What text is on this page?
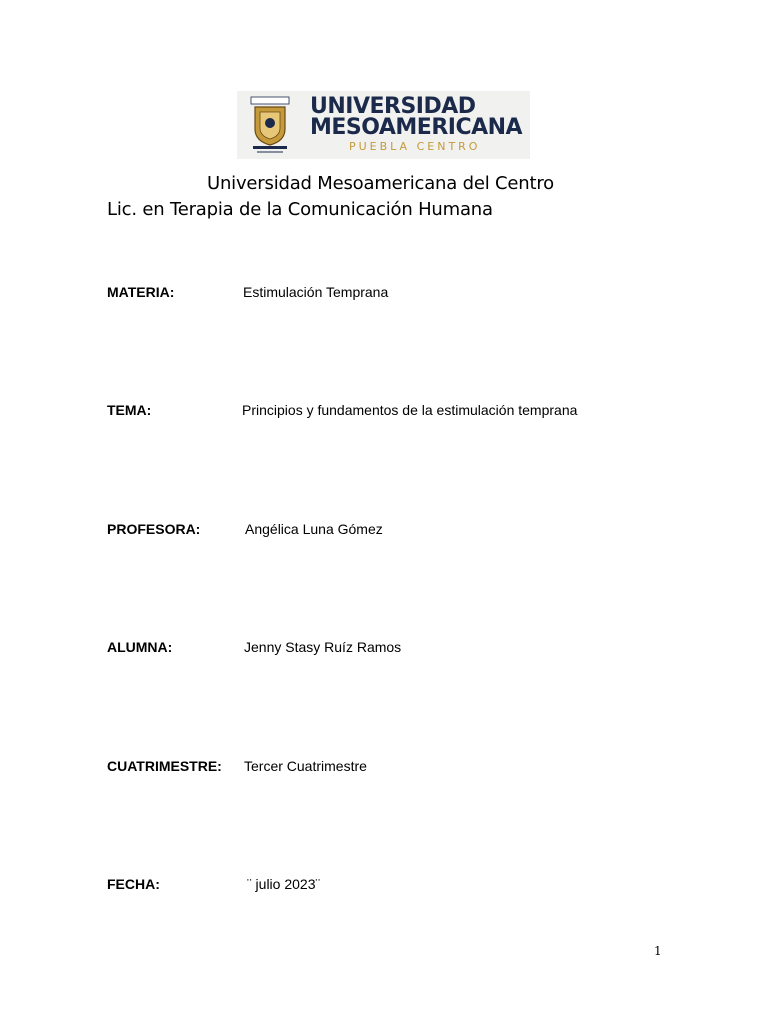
UNIVERSIDAD
MESOAMERICANA
PUEBLA CENTRO
Universidad Mesoamericana del Centro
Lic. en Terapia de la Comunicación Humana
MATERIA:	Estimulación Temprana
TEMA:	Principios y fundamentos de la estimulación temprana
PROFESORA:	Angélica Luna Gómez
ALUMNA:	Jenny Stasy Ruíz Ramos
CUATRIMESTRE: Tercer Cuatrimestre
FECHA:	¨ julio 2023¨
1
